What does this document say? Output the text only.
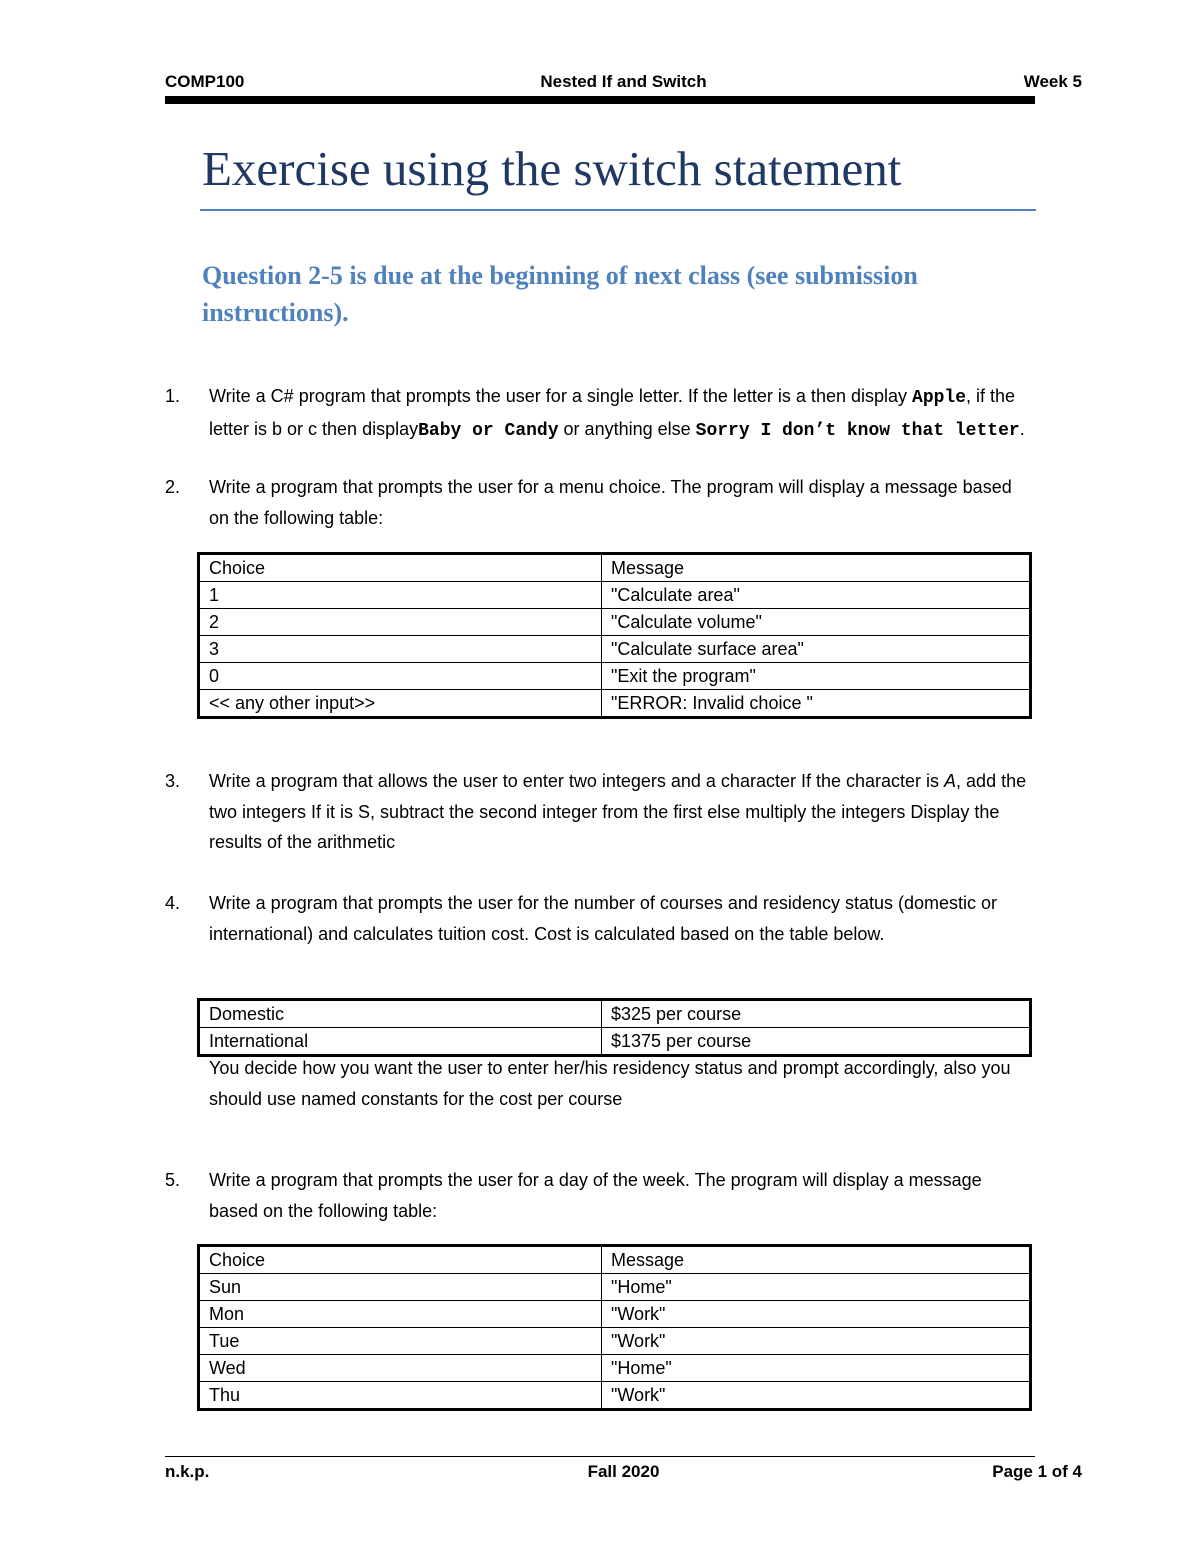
COMP100	Nested If and Switch	Week 5
Exercise using the switch statement
Question 2-5 is due at the beginning of next class (see submission instructions).
1. Write a C# program that prompts the user for a single letter. If the letter is a then display Apple, if the letter is b or c then displayBaby or Candy or anything else Sorry I don’t know that letter.
2. Write a program that prompts the user for a menu choice. The program will display a message based on the following table:
Choice	Message
1	"Calculate area"
2	"Calculate volume"
3	"Calculate surface area"
0	"Exit the program"
<< any other input>>	"ERROR: Invalid choice "
3. Write a program that allows the user to enter two integers and a character If the character is A, add the two integers If it is S, subtract the second integer from the first else multiply the integers Display the results of the arithmetic
4. Write a program that prompts the user for the number of courses and residency status (domestic or international) and calculates tuition cost. Cost is calculated based on the table below.
Domestic	$325 per course
International	$1375 per course
You decide how you want the user to enter her/his residency status and prompt accordingly, also you should use named constants for the cost per course
5. Write a program that prompts the user for a day of the week. The program will display a message based on the following table:
Choice	Message
Sun	"Home"
Mon	"Work"
Tue	"Work"
Wed	"Home"
Thu	"Work"
n.k.p.	Fall 2020	Page 1 of 4
